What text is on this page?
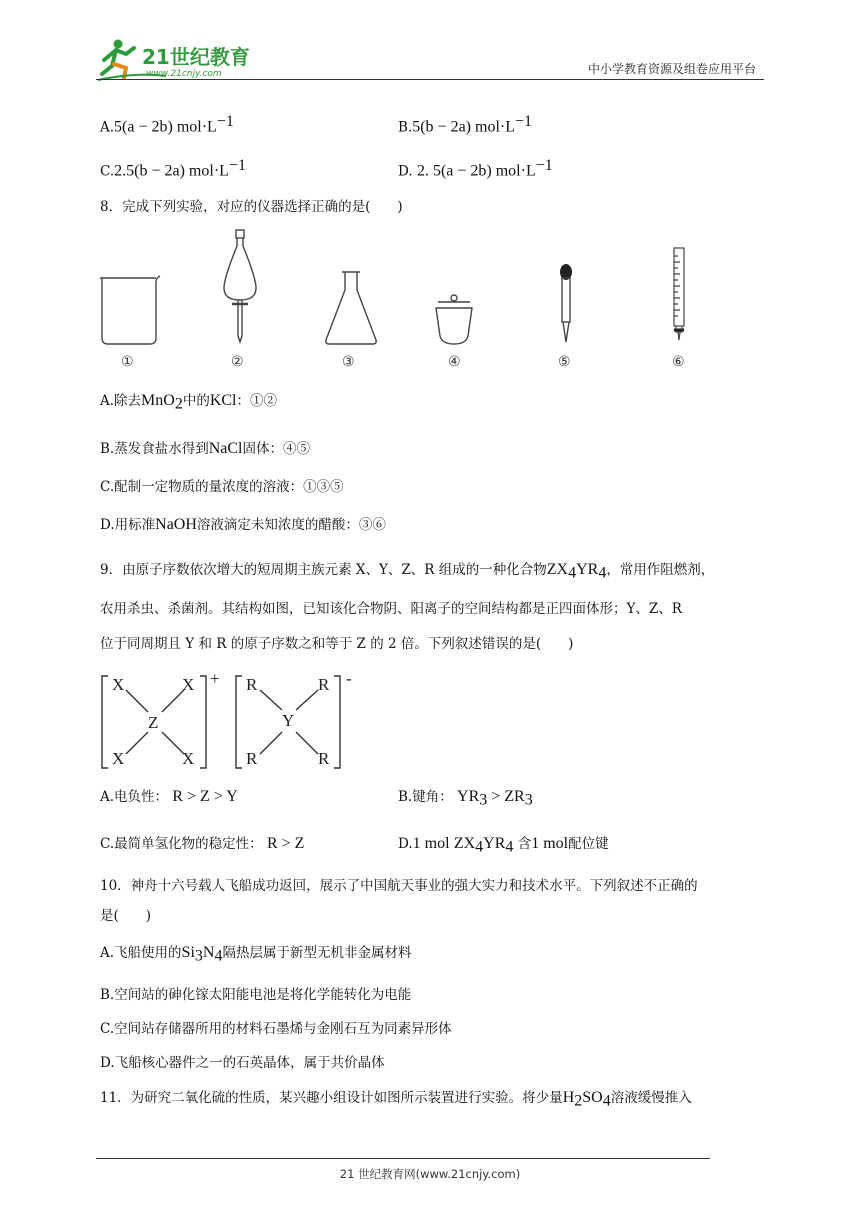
21世纪教育
www.21cnjy.com	中小学教育资源及组卷应用平台
A.5(a − 2b) $mol\cdot L^{-1}$	B.5(b − 2a) $mol\cdot L^{-1}$
C.2.5(b − 2a) $mol\cdot L^{-1}$	D. 2. 5(a − 2b) $mol\cdot L^{-1}$
8．完成下列实验，对应的仪器选择正确的是(　　)
①	②	③	④	⑤	⑥
A.除去MnO$_2$中的KCl：①②
B.蒸发食盐水得到NaCl固体：④⑤
C.配制一定物质的量浓度的溶液：①③⑤
D.用标准NaOH溶液滴定未知浓度的醋酸：③⑥
9．由原子序数依次增大的短周期主族元素 X、Y、Z、R 组成的一种化合物$ZX_4YR_4$，常用作阻燃剂，
农用杀虫、杀菌剂。其结构如图，已知该化合物阴、阳离子的空间结构都是正四面体形；Y、Z、R
位于同周期且 Y 和 R 的原子序数之和等于 Z 的 2 倍。下列叙述错误的是(　　)
X	X
Z
X	X
+ R	R
Y
R	R
-
A.电负性： R > Z > Y	B.键角： $YR_3 > ZR_3$
C.最简单氢化物的稳定性： R > Z	D.1 mol $ZX_4YR_4$ 含1 mol配位键
10．神舟十六号载人飞船成功返回，展示了中国航天事业的强大实力和技术水平。下列叙述不正确的
是(　　)
A.飞船使用的$Si_3N_4$隔热层属于新型无机非金属材料
B.空间站的砷化镓太阳能电池是将化学能转化为电能
C.空间站存储器所用的材料石墨烯与金刚石互为同素异形体
D.飞船核心器件之一的石英晶体，属于共价晶体
11．为研究二氧化硫的性质，某兴趣小组设计如图所示装置进行实验。将少量$H_2SO_4$溶液缓慢推入
21 世纪教育网(www.21cnjy.com)
